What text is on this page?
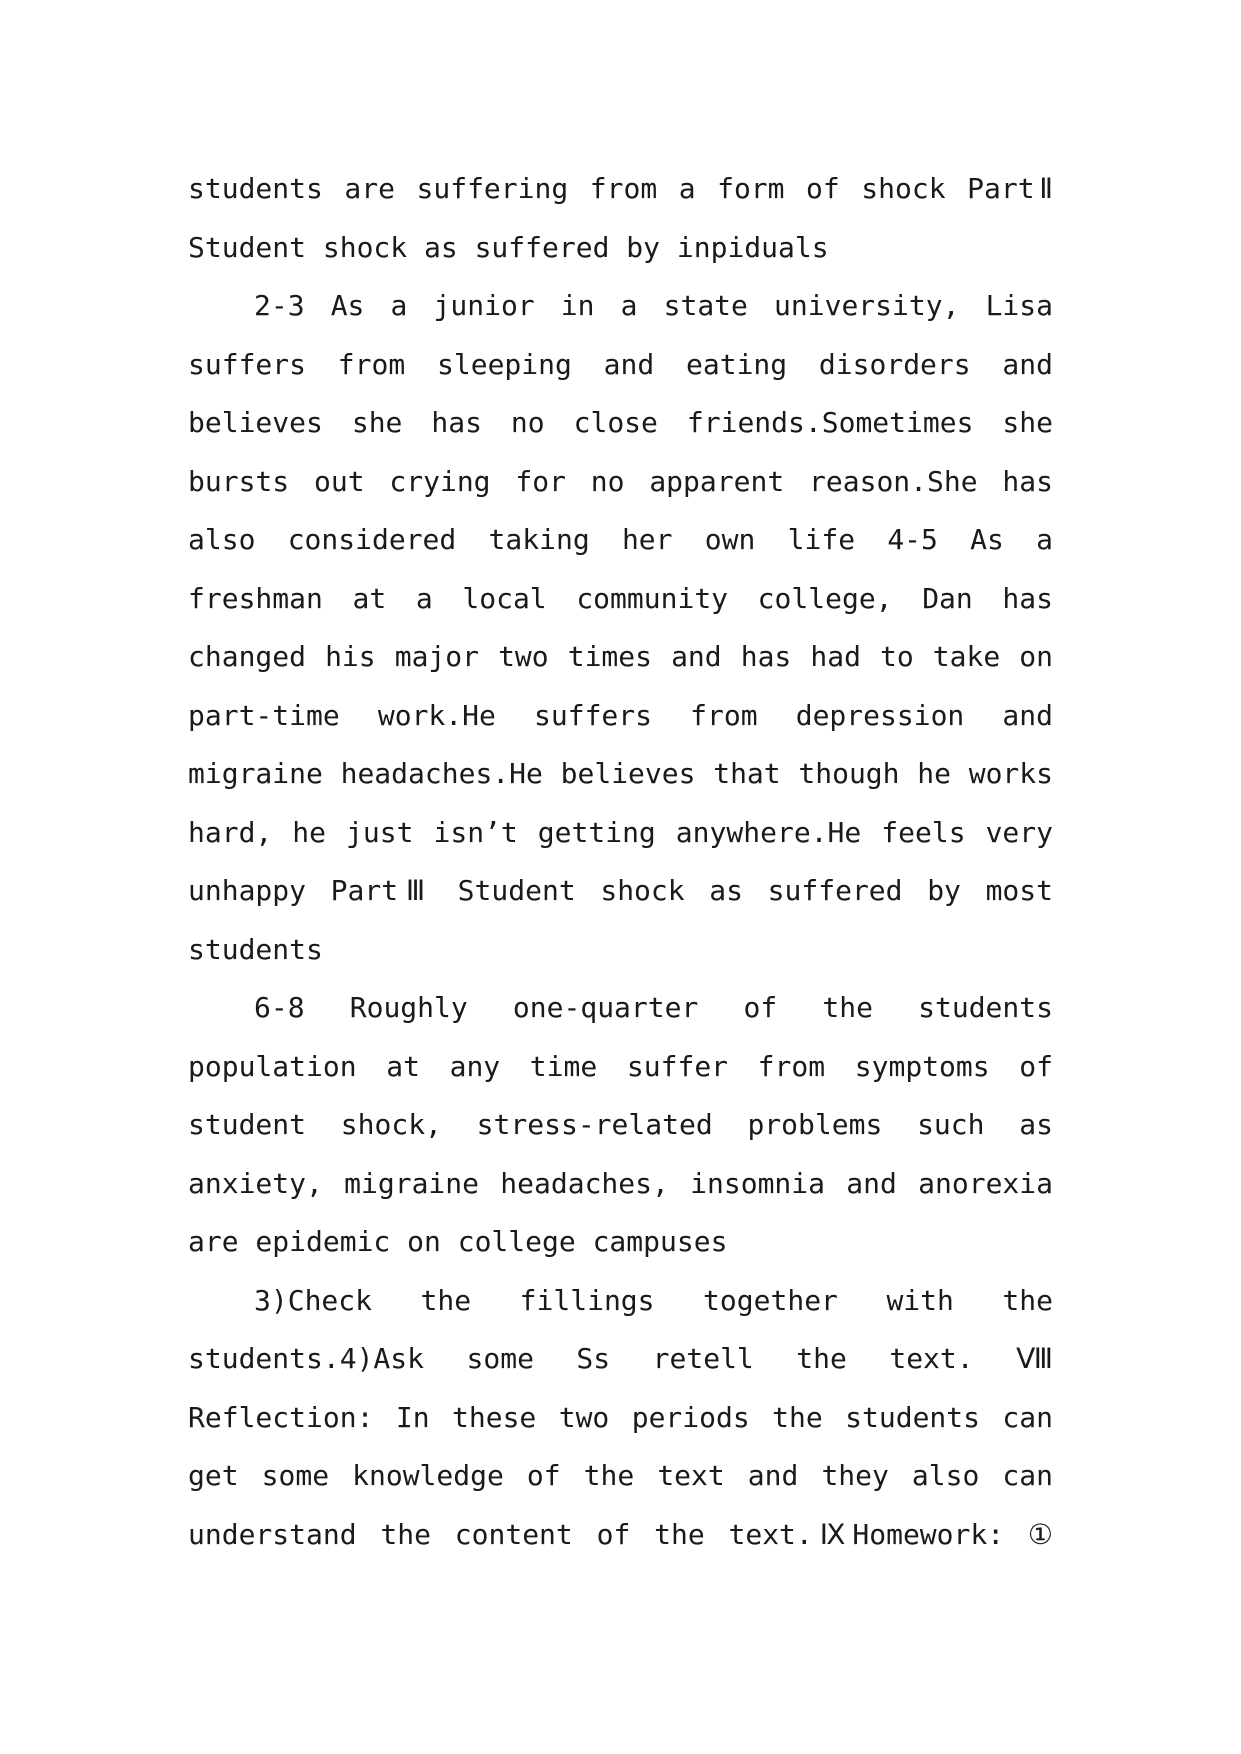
students are suffering from a form of shock PartⅡ
Student shock as suffered by inpiduals

2-3 As a junior in a state university, Lisa
suffers from sleeping and eating disorders and
believes she has no close friends.Sometimes she
bursts out crying for no apparent reason.She has
also considered taking her own life 4-5 As a
freshman at a local community college, Dan has
changed his major two times and has had to take on
part-time work.He suffers from depression and
migraine headaches.He believes that though he works
hard, he just isn’t getting anywhere.He feels very
unhappy PartⅢ Student shock as suffered by most
students

6-8 Roughly one-quarter of the students
population at any time suffer from symptoms of
student shock, stress-related problems such as
anxiety, migraine headaches, insomnia and anorexia
are epidemic on college campuses

3)Check the fillings together with the
students.4)Ask some Ss retell the text. Ⅷ
Reflection: In these two periods the students can
get some knowledge of the text and they also can
understand the content of the text.ⅨHomework: ①
